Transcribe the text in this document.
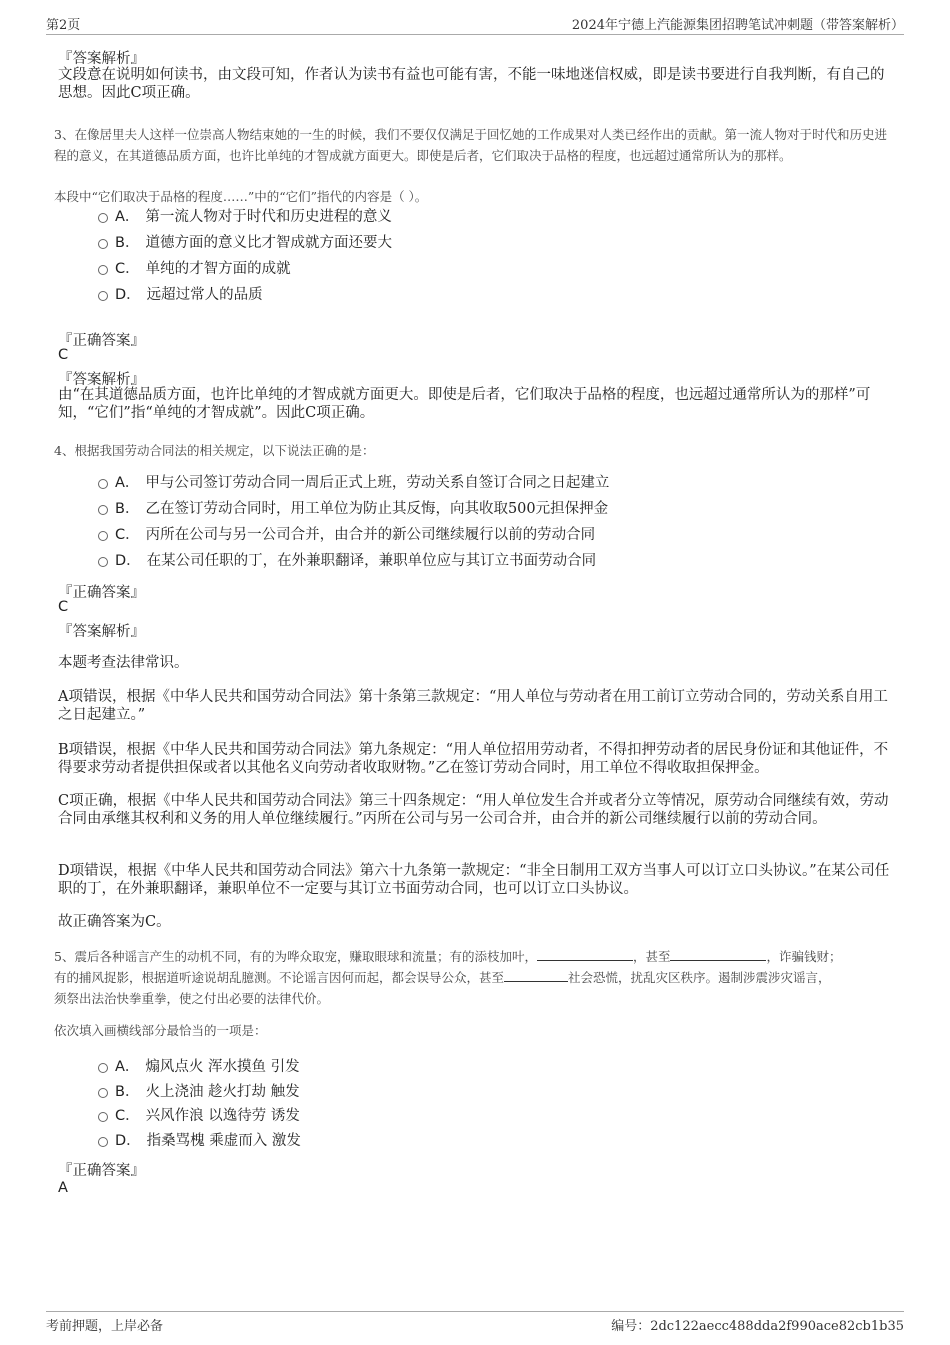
第2页	2024年宁德上汽能源集团招聘笔试冲刺题（带答案解析）
『答案解析』
文段意在说明如何读书，由文段可知，作者认为读书有益也可能有害，不能一味地迷信权威，即是读书要进行自我判断，有自己的思想。因此C项正确。
3、在像居里夫人这样一位崇高人物结束她的一生的时候，我们不要仅仅满足于回忆她的工作成果对人类已经作出的贡献。第一流人物对于时代和历史进程的意义，在其道德品质方面，也许比单纯的才智成就方面更大。即使是后者，它们取决于品格的程度，也远超过通常所认为的那样。
本段中“它们取决于品格的程度……”中的“它们”指代的内容是（ ）。
A． 第一流人物对于时代和历史进程的意义
B． 道德方面的意义比才智成就方面还要大
C． 单纯的才智方面的成就
D． 远超过常人的品质
『正确答案』
C
『答案解析』
由“在其道德品质方面，也许比单纯的才智成就方面更大。即使是后者，它们取决于品格的程度，也远超过通常所认为的那样”可知，“它们”指“单纯的才智成就”。因此C项正确。
4、根据我国劳动合同法的相关规定，以下说法正确的是：
A． 甲与公司签订劳动合同一周后正式上班，劳动关系自签订合同之日起建立
B． 乙在签订劳动合同时，用工单位为防止其反悔，向其收取500元担保押金
C． 丙所在公司与另一公司合并，由合并的新公司继续履行以前的劳动合同
D． 在某公司任职的丁，在外兼职翻译，兼职单位应与其订立书面劳动合同
『正确答案』
C
『答案解析』
本题考查法律常识。
A项错误，根据《中华人民共和国劳动合同法》第十条第三款规定：“用人单位与劳动者在用工前订立劳动合同的，劳动关系自用工之日起建立。”
B项错误，根据《中华人民共和国劳动合同法》第九条规定：“用人单位招用劳动者，不得扣押劳动者的居民身份证和其他证件，不得要求劳动者提供担保或者以其他名义向劳动者收取财物。”乙在签订劳动合同时，用工单位不得收取担保押金。
C项正确，根据《中华人民共和国劳动合同法》第三十四条规定：“用人单位发生合并或者分立等情况，原劳动合同继续有效，劳动合同由承继其权利和义务的用人单位继续履行。”丙所在公司与另一公司合并，由合并的新公司继续履行以前的劳动合同。
D项错误，根据《中华人民共和国劳动合同法》第六十九条第一款规定：“非全日制用工双方当事人可以订立口头协议。”在某公司任职的丁，在外兼职翻译，兼职单位不一定要与其订立书面劳动合同，也可以订立口头协议。
故正确答案为C。
5、震后各种谣言产生的动机不同，有的为哗众取宠，赚取眼球和流量；有的添枝加叶，	，甚至	，诈骗钱财；
有的捕风捉影，根据道听途说胡乱臆测。不论谣言因何而起，都会误导公众，甚至	社会恐慌，扰乱灾区秩序。遏制涉震涉灾谣言，
须祭出法治快拳重拳，使之付出必要的法律代价。
依次填入画横线部分最恰当的一项是：
A． 煽风点火 浑水摸鱼 引发
B． 火上浇油 趁火打劫 触发
C． 兴风作浪 以逸待劳 诱发
D． 指桑骂槐 乘虚而入 激发
『正确答案』
A
考前押题，上岸必备	编号：2dc122aecc488dda2f990ace82cb1b35
